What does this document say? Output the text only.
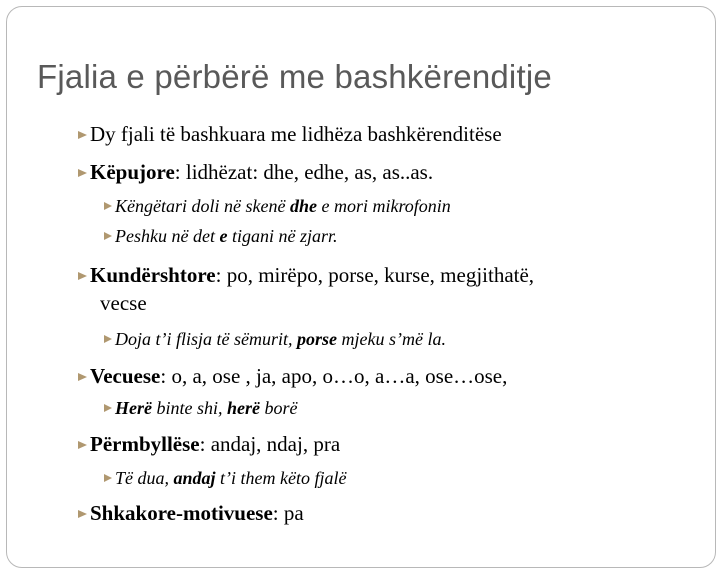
Fjalia e përbërë me bashkërenditje
Dy fjali të bashkuara me lidhëza bashkërenditëse
Këpujore: lidhëzat: dhe, edhe, as, as..as.
Këngëtari doli në skenë dhe e mori mikrofonin
Peshku në det e tigani në zjarr.
Kundërshtore: po, mirëpo, porse, kurse, megjithatë,
vecse
Doja t’i flisja të sëmurit, porse mjeku s’më la.
Vecuese: o, a, ose , ja, apo, o…o, a…a, ose…ose,
Herë binte shi, herë borë
Përmbyllëse: andaj, ndaj, pra
Të dua, andaj t’i them këto fjalë
Shkakore-motivuese: pa
